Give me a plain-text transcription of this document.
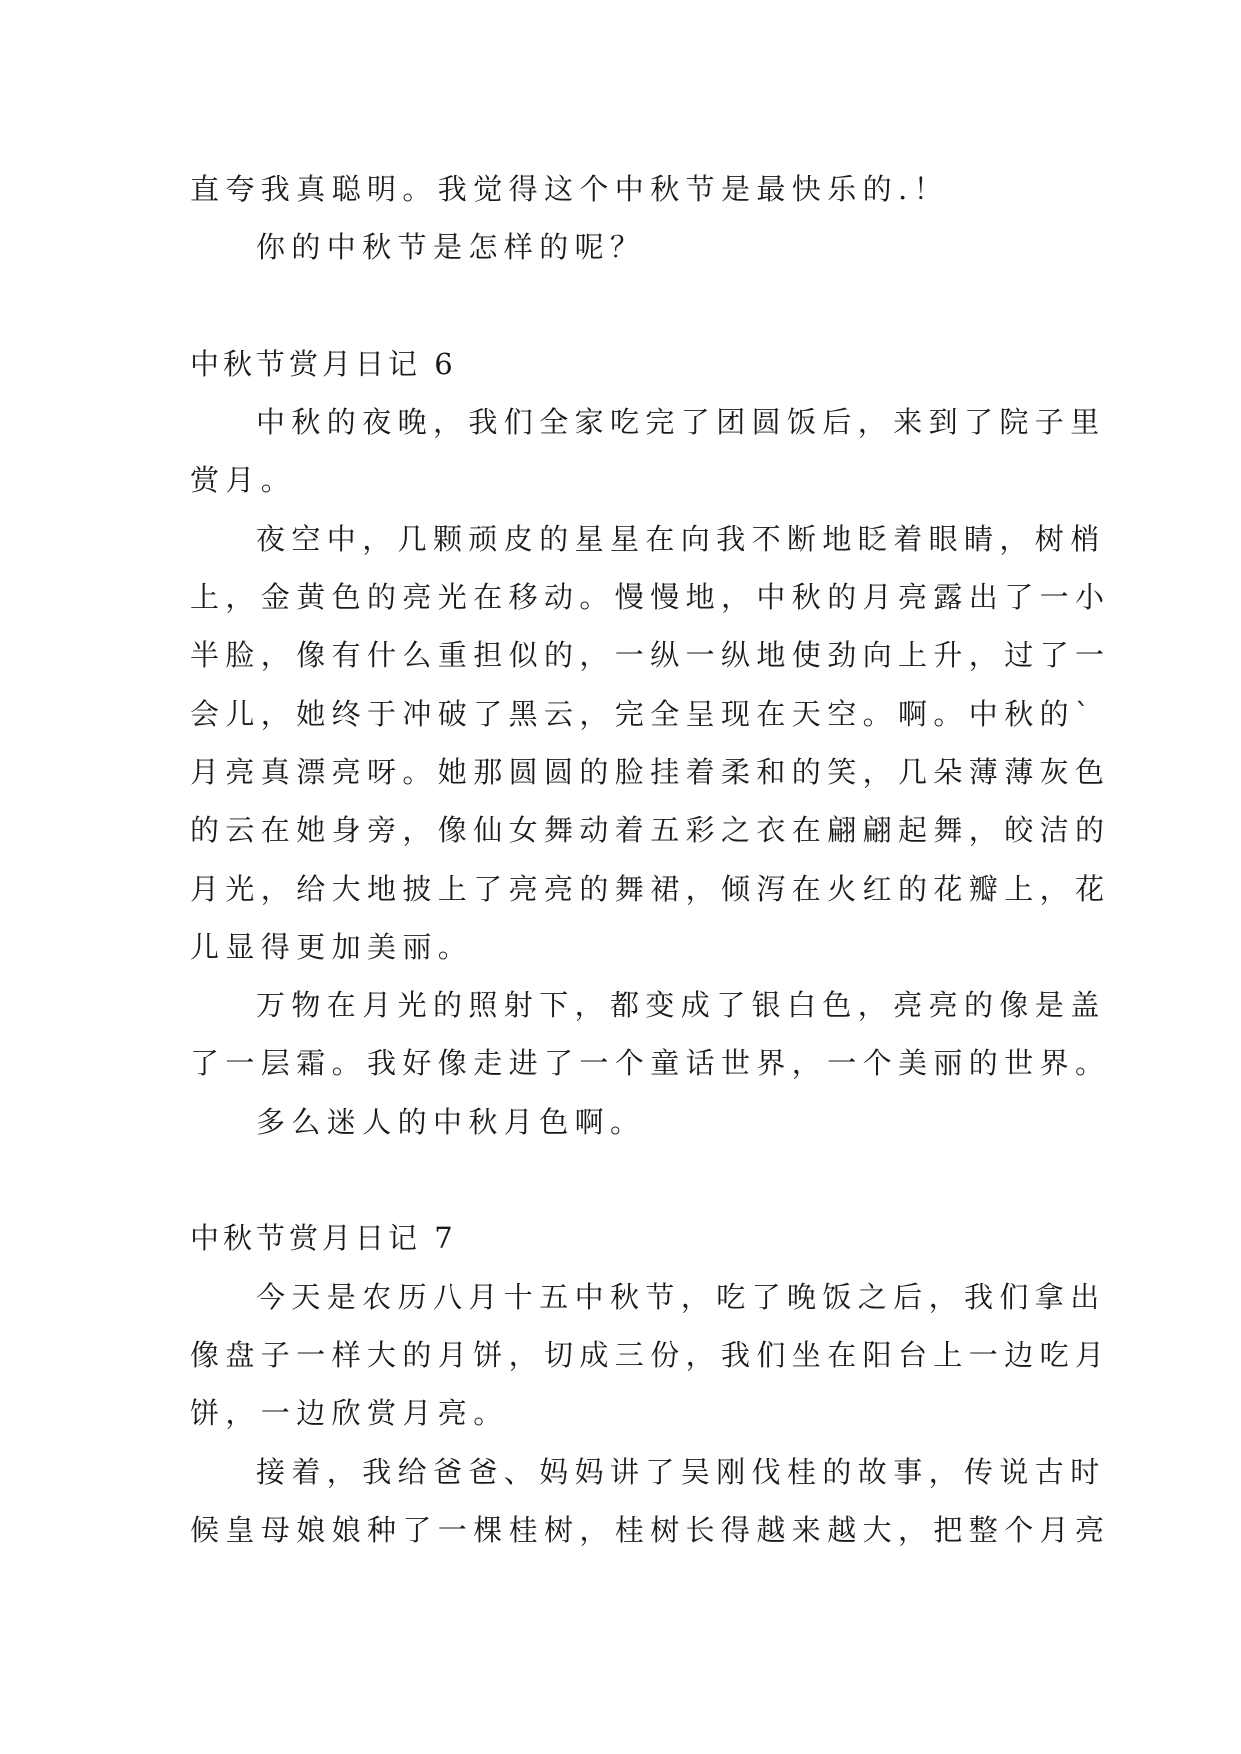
直夸我真聪明。我觉得这个中秋节是最快乐的.！
你的中秋节是怎样的呢？
中秋节赏月日记 6
中秋的夜晚，我们全家吃完了团圆饭后，来到了院子里
赏月。
夜空中，几颗顽皮的星星在向我不断地眨着眼睛，树梢
上，金黄色的亮光在移动。慢慢地，中秋的月亮露出了一小
半脸，像有什么重担似的，一纵一纵地使劲向上升，过了一
会儿，她终于冲破了黑云，完全呈现在天空。啊。中秋的`
月亮真漂亮呀。她那圆圆的脸挂着柔和的笑，几朵薄薄灰色
的云在她身旁，像仙女舞动着五彩之衣在翩翩起舞，皎洁的
月光，给大地披上了亮亮的舞裙，倾泻在火红的花瓣上，花
儿显得更加美丽。
万物在月光的照射下，都变成了银白色，亮亮的像是盖
了一层霜。我好像走进了一个童话世界，一个美丽的世界。
多么迷人的中秋月色啊。
中秋节赏月日记 7
今天是农历八月十五中秋节，吃了晚饭之后，我们拿出
像盘子一样大的月饼，切成三份，我们坐在阳台上一边吃月
饼，一边欣赏月亮。
接着，我给爸爸、妈妈讲了吴刚伐桂的故事，传说古时
候皇母娘娘种了一棵桂树，桂树长得越来越大，把整个月亮
